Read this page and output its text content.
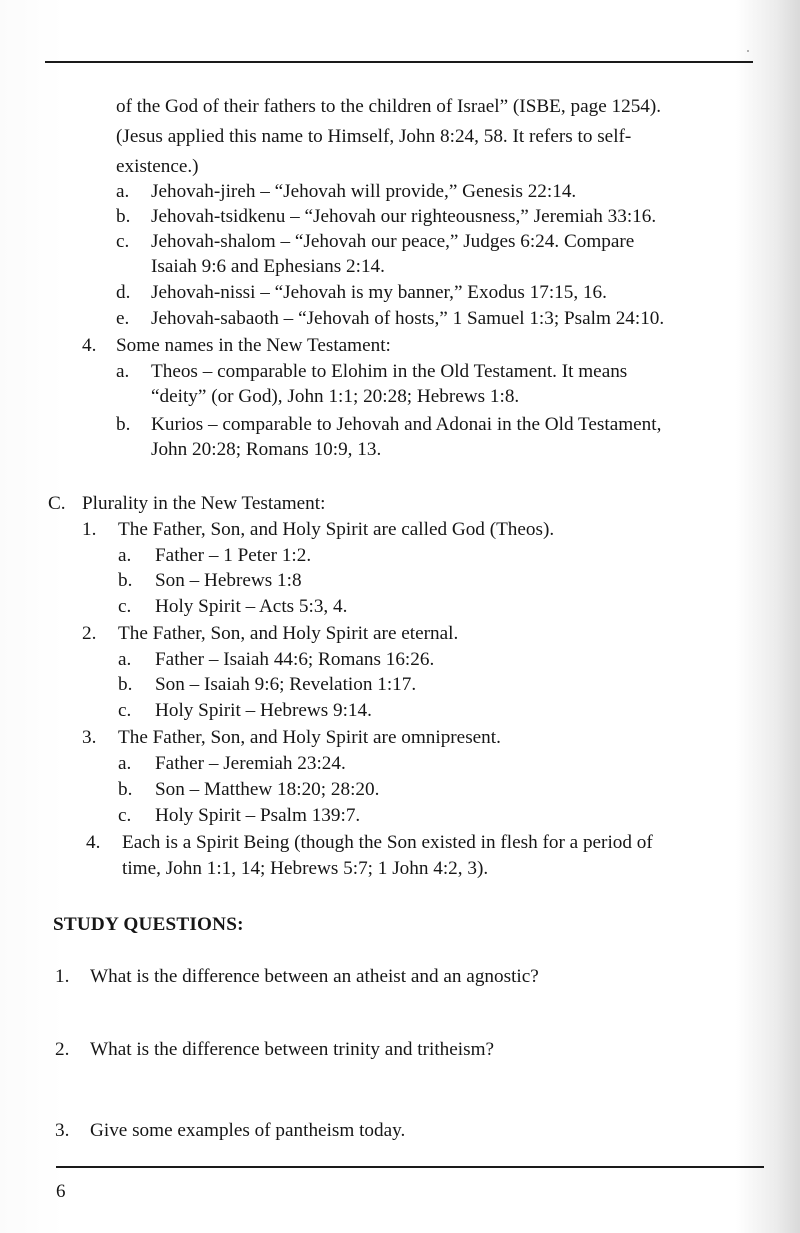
of the God of their fathers to the children of Israel” (ISBE, page 1254).
(Jesus applied this name to Himself, John 8:24, 58. It refers to self-
existence.)
a. Jehovah-jireh – “Jehovah will provide,” Genesis 22:14.
b. Jehovah-tsidkenu – “Jehovah our righteousness,” Jeremiah 33:16.
c. Jehovah-shalom – “Jehovah our peace,” Judges 6:24. Compare
Isaiah 9:6 and Ephesians 2:14.
d. Jehovah-nissi – “Jehovah is my banner,” Exodus 17:15, 16.
e. Jehovah-sabaoth – “Jehovah of hosts,” 1 Samuel 1:3; Psalm 24:10.
4. Some names in the New Testament:
a. Theos – comparable to Elohim in the Old Testament. It means
“deity” (or God), John 1:1; 20:28; Hebrews 1:8.
b. Kurios – comparable to Jehovah and Adonai in the Old Testament,
John 20:28; Romans 10:9, 13.
C. Plurality in the New Testament:
1. The Father, Son, and Holy Spirit are called God (Theos).
a. Father – 1 Peter 1:2.
b. Son – Hebrews 1:8
c. Holy Spirit – Acts 5:3, 4.
2. The Father, Son, and Holy Spirit are eternal.
a. Father – Isaiah 44:6; Romans 16:26.
b. Son – Isaiah 9:6; Revelation 1:17.
c. Holy Spirit – Hebrews 9:14.
3. The Father, Son, and Holy Spirit are omnipresent.
a. Father – Jeremiah 23:24.
b. Son – Matthew 18:20; 28:20.
c. Holy Spirit – Psalm 139:7.
4. Each is a Spirit Being (though the Son existed in flesh for a period of
time, John 1:1, 14; Hebrews 5:7; 1 John 4:2, 3).
STUDY QUESTIONS:
1. What is the difference between an atheist and an agnostic?
2. What is the difference between trinity and tritheism?
3. Give some examples of pantheism today.
6
